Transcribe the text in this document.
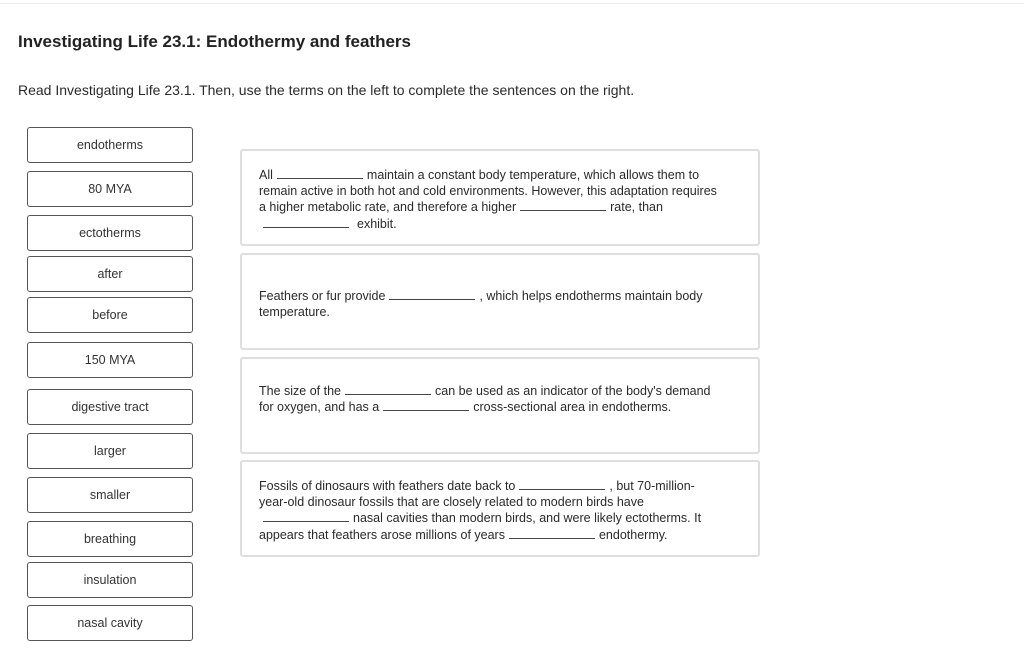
Investigating Life 23.1: Endothermy and feathers

Read Investigating Life 23.1. Then, use the terms on the left to complete the sentences on the right.

endotherms
80 MYA
ectotherms
after
before
150 MYA
digestive tract
larger
smaller
breathing
insulation
nasal cavity

All	maintain a constant body temperature, which allows them to remain active in both hot and cold environments. However, this adaptation requires a higher metabolic rate, and therefore a higher	rate, thanexhibit.

Feathers or fur provide	, which helps endotherms maintain body temperature.

The size of the	can be used as an indicator of the body's demand for oxygen, and has a	cross-sectional area in endotherms.

Fossils of dinosaurs with feathers date back to	, but 70-million-year-old dinosaur fossils that are closely related to modern birds havenasal cavities than modern birds, and were likely ectotherms. It appears that feathers arose millions of years	endothermy.
